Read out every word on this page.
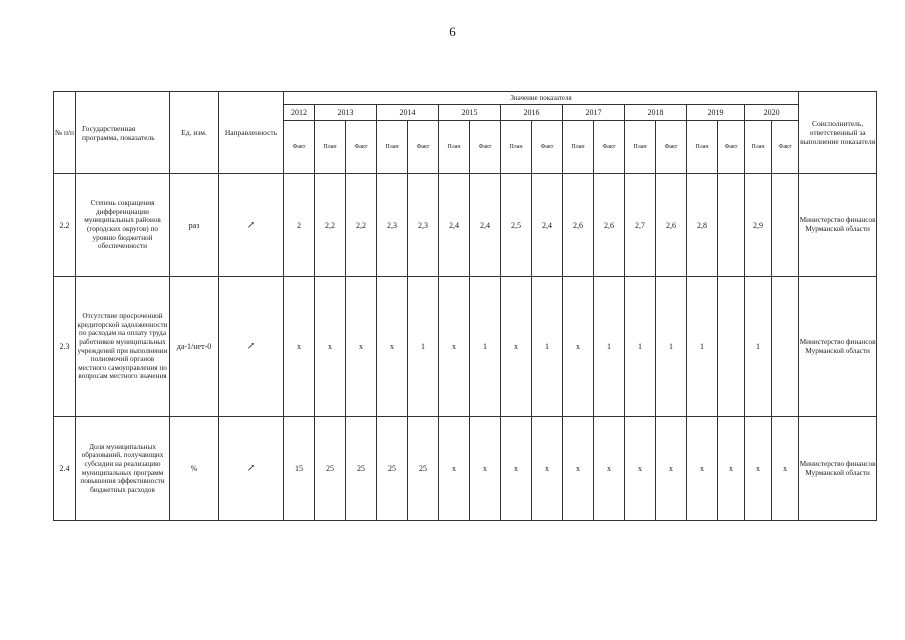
6
№ п/п	Государственная программа, показатель	Ед. изм.	Направленность	Значение показателя																	Соисполнитель, ответственный за выполнение показателя
				2012	2013		2014		2015		2016		2017		2018		2019		2020		
				Факт	План	Факт	План	Факт	План	Факт	План	Факт	План	Факт	План	Факт	План	Факт	План	Факт	
2.2	Степень сокращения дифференциации муниципальных районов (городских округов) по уровню бюджетной обеспеченности	раз	↗	2	2,2	2,2	2,3	2,3	2,4	2,4	2,5	2,4	2,6	2,6	2,7	2,6	2,8		2,9		Министерство финансов Мурманской области
2.3	Отсутствие просроченной кредиторской задолженности по расходам на оплату труда работников муниципальных учреждений при выполнении полномочий органов местного самоуправления по вопросам местного значения	да-1/нет-0	↗	х	х	х	х	1	х	1	х	1	х	1	1	1	1		1		Министерство финансов Мурманской области
2.4	Доля муниципальных образований, получающих субсидии на реализацию муниципальных программ повышения эффективности бюджетных расходов	%	↗	15	25	25	25	25	х	х	х	х	х	х	х	х	х	х	х	х	Министерство финансов Мурманской области
